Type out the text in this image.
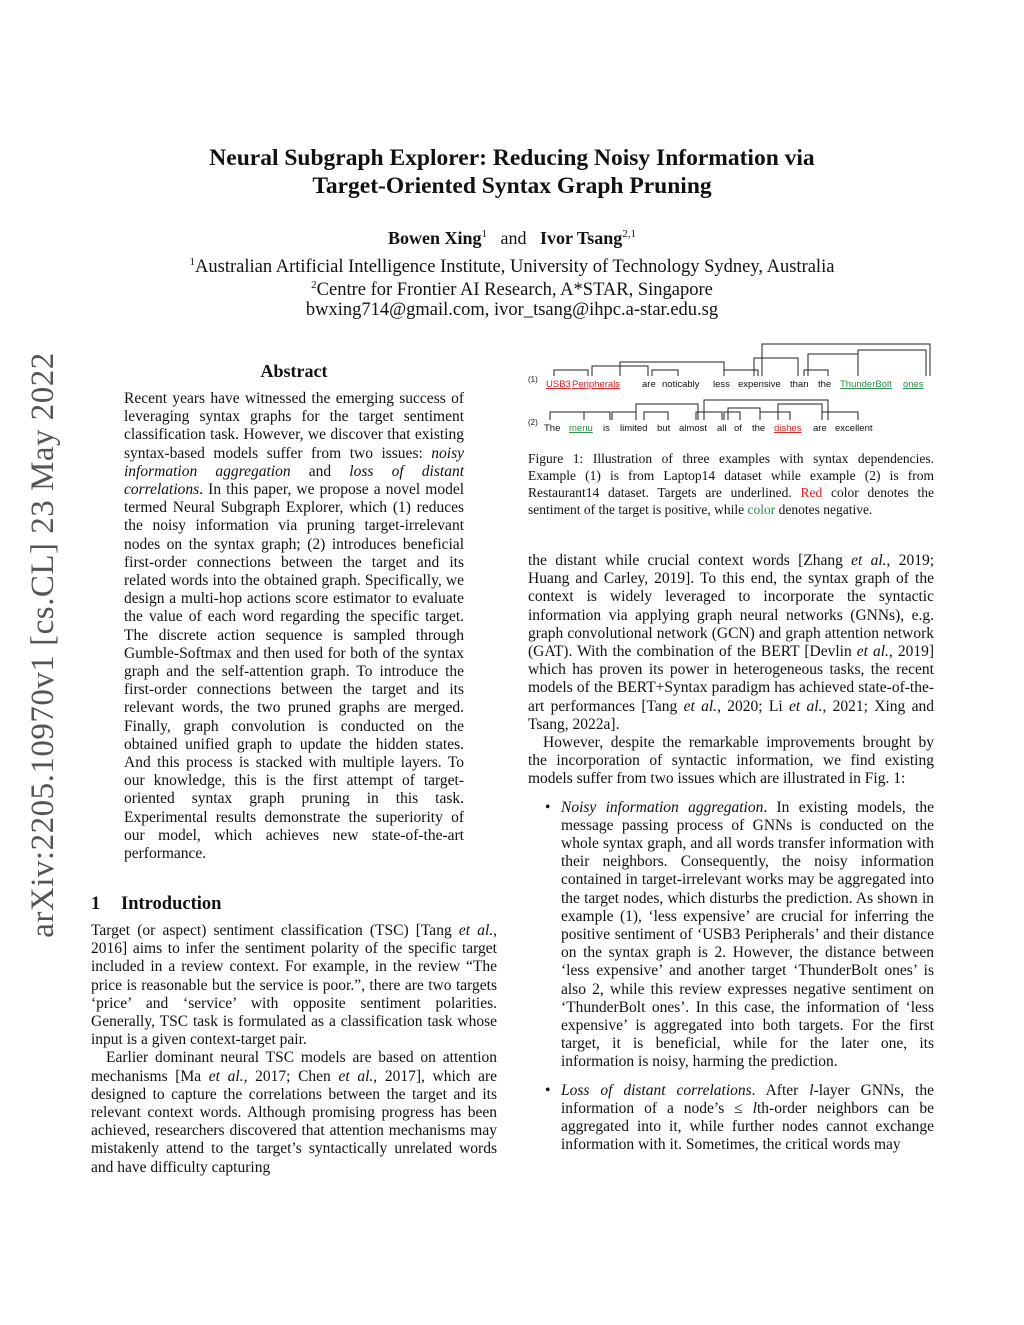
arXiv:2205.10970v1 [cs.CL] 23 May 2022
Neural Subgraph Explorer: Reducing Noisy Information via
Target-Oriented Syntax Graph Pruning
Bowen Xing$^1$ and Ivor Tsang$^{2,1}$
$^1$Australian Artificial Intelligence Institute, University of Technology Sydney, Australia
$^2$Centre for Frontier AI Research, A*STAR, Singapore
bwxing714@gmail.com, ivor_tsang@ihpc.a-star.edu.sg
Abstract
Recent years have witnessed the emerging success of leveraging syntax graphs for the target sentiment classification task. However, we discover that existing syntax-based models suffer from two issues: noisy information aggregation and loss of distant correlations. In this paper, we propose a novel model termed Neural Subgraph Explorer, which (1) reduces the noisy information via pruning target-irrelevant nodes on the syntax graph; (2) introduces beneficial first-order connections between the target and its related words into the obtained graph. Specifically, we design a multi-hop actions score estimator to evaluate the value of each word regarding the specific target. The discrete action sequence is sampled through Gumble-Softmax and then used for both of the syntax graph and the self-attention graph. To introduce the first-order connections between the target and its relevant words, the two pruned graphs are merged. Finally, graph convolution is conducted on the obtained unified graph to update the hidden states. And this process is stacked with multiple layers. To our knowledge, this is the first attempt of target-oriented syntax graph pruning in this task. Experimental results demonstrate the superiority of our model, which achieves new state-of-the-art performance.
1 Introduction

Target (or aspect) sentiment classification (TSC) [Tang et al., 2016] aims to infer the sentiment polarity of the specific target included in a review context. For example, in the review “The price is reasonable but the service is poor.”, there are two targets ‘price’ and ‘service’ with opposite sentiment polarities. Generally, TSC task is formulated as a classification task whose input is a given context-target pair.

Earlier dominant neural TSC models are based on attention mechanisms [Ma et al., 2017; Chen et al., 2017], which are designed to capture the correlations between the target and its relevant context words. Although promising progress has been achieved, researchers discovered that attention mechanisms may mistakenly attend to the target’s syntactically unrelated words and have difficulty capturing

(1)
(2)
USB3 Peripherals are noticably less expensive than the ThunderBolt ones
The menu is limited but almost all of the dishes are excellent
Figure 1: Illustration of three examples with syntax dependencies. Example (1) is from Laptop14 dataset while example (2) is from Restaurant14 dataset. Targets are underlined. Red color denotes the sentiment of the target is positive, while color denotes negative.

the distant while crucial context words [Zhang et al., 2019; Huang and Carley, 2019]. To this end, the syntax graph of the context is widely leveraged to incorporate the syntactic information via applying graph neural networks (GNNs), e.g. graph convolutional network (GCN) and graph attention network (GAT). With the combination of the BERT [Devlin et al., 2019] which has proven its power in heterogeneous tasks, the recent models of the BERT+Syntax paradigm has achieved state-of-the-art performances [Tang et al., 2020; Li et al., 2021; Xing and Tsang, 2022a].

However, despite the remarkable improvements brought by the incorporation of syntactic information, we find existing models suffer from two issues which are illustrated in Fig. 1:

• Noisy information aggregation. In existing models, the message passing process of GNNs is conducted on the whole syntax graph, and all words transfer information with their neighbors. Consequently, the noisy information contained in target-irrelevant works may be aggregated into the target nodes, which disturbs the prediction. As shown in example (1), ‘less expensive’ are crucial for inferring the positive sentiment of ‘USB3 Peripherals’ and their distance on the syntax graph is 2. However, the distance between ‘less expensive’ and another target ‘ThunderBolt ones’ is also 2, while this review expresses negative sentiment on ‘ThunderBolt ones’. In this case, the information of ‘less expensive’ is aggregated into both targets. For the first target, it is beneficial, while for the later one, its information is noisy, harming the prediction.
• Loss of distant correlations. After l-layer GNNs, the information of a node’s ≤ lth-order neighbors can be aggregated into it, while further nodes cannot exchange information with it. Sometimes, the critical words may
